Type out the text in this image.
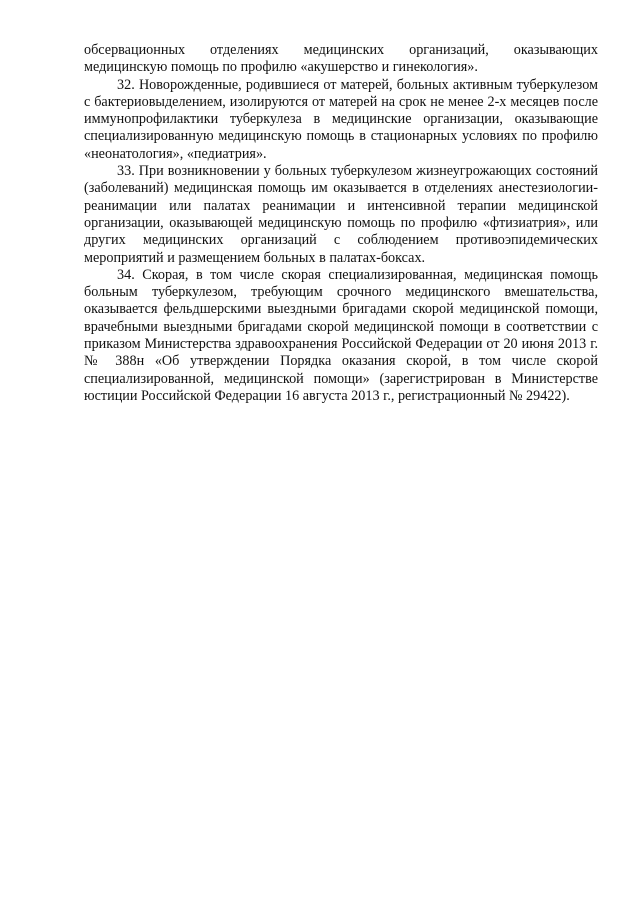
обсервационных отделениях медицинских организаций, оказывающих медицинскую помощь по профилю «акушерство и гинекология».

32. Новорожденные, родившиеся от матерей, больных активным туберкулезом с бактериовыделением, изолируются от матерей на срок не менее 2-х месяцев после иммунопрофилактики туберкулеза в медицинские организации, оказывающие специализированную медицинскую помощь в стационарных условиях по профилю «неонатология», «педиатрия».

33. При возникновении у больных туберкулезом жизнеугрожающих состояний (заболеваний) медицинская помощь им оказывается в отделениях анестезиологии-реанимации или палатах реанимации и интенсивной терапии медицинской организации, оказывающей медицинскую помощь по профилю «фтизиатрия», или других медицинских организаций с соблюдением противоэпидемических мероприятий и размещением больных в палатах-боксах.

34. Скорая, в том числе скорая специализированная, медицинская помощь больным туберкулезом, требующим срочного медицинского вмешательства, оказывается фельдшерскими выездными бригадами скорой медицинской помощи, врачебными выездными бригадами скорой медицинской помощи в соответствии с приказом Министерства здравоохранения Российской Федерации от 20 июня 2013 г. № 388н «Об утверждении Порядка оказания скорой, в том числе скорой специализированной, медицинской помощи» (зарегистрирован в Министерстве юстиции Российской Федерации 16 августа 2013 г., регистрационный № 29422).
